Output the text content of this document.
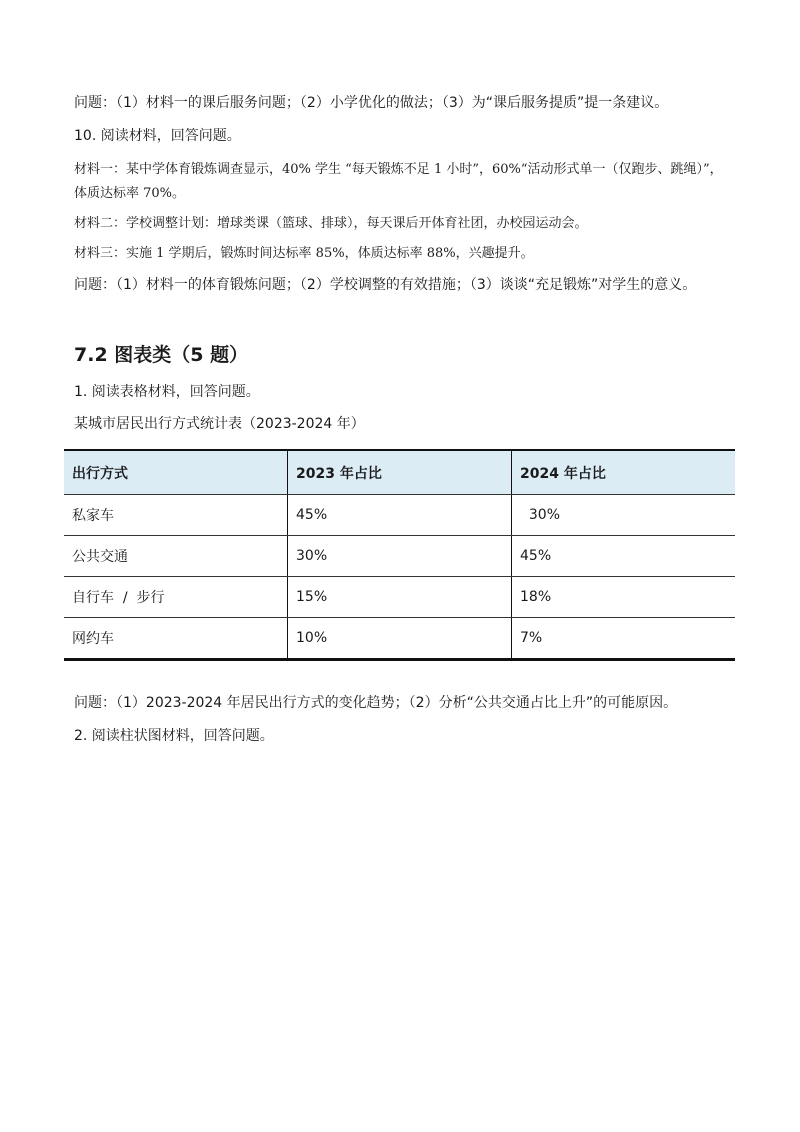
问题：（1）材料一的课后服务问题；（2）小学优化的做法；（3）为“课后服务提质”提一条建议。
10. 阅读材料，回答问题。
材料一：某中学体育锻炼调查显示，40% 学生 “每天锻炼不足 1 小时”，60%“活动形式单一（仅跑步、跳绳）”，体质达标率 70%。
材料二：学校调整计划：增球类课（篮球、排球），每天课后开体育社团，办校园运动会。
材料三：实施 1 学期后，锻炼时间达标率 85%，体质达标率 88%，兴趣提升。
问题：（1）材料一的体育锻炼问题；（2）学校调整的有效措施；（3）谈谈“充足锻炼”对学生的意义。
7.2 图表类（5 题）
1. 阅读表格材料，回答问题。
某城市居民出行方式统计表（2023-2024 年）
出行方式	2023 年占比	2024 年占比
私家车	45%	30%
公共交通	30%	45%
自行车  /  步行	15%	18%
网约车	10%	7%
问题：（1）2023-2024 年居民出行方式的变化趋势；（2）分析“公共交通占比上升”的可能原因。
2. 阅读柱状图材料，回答问题。
